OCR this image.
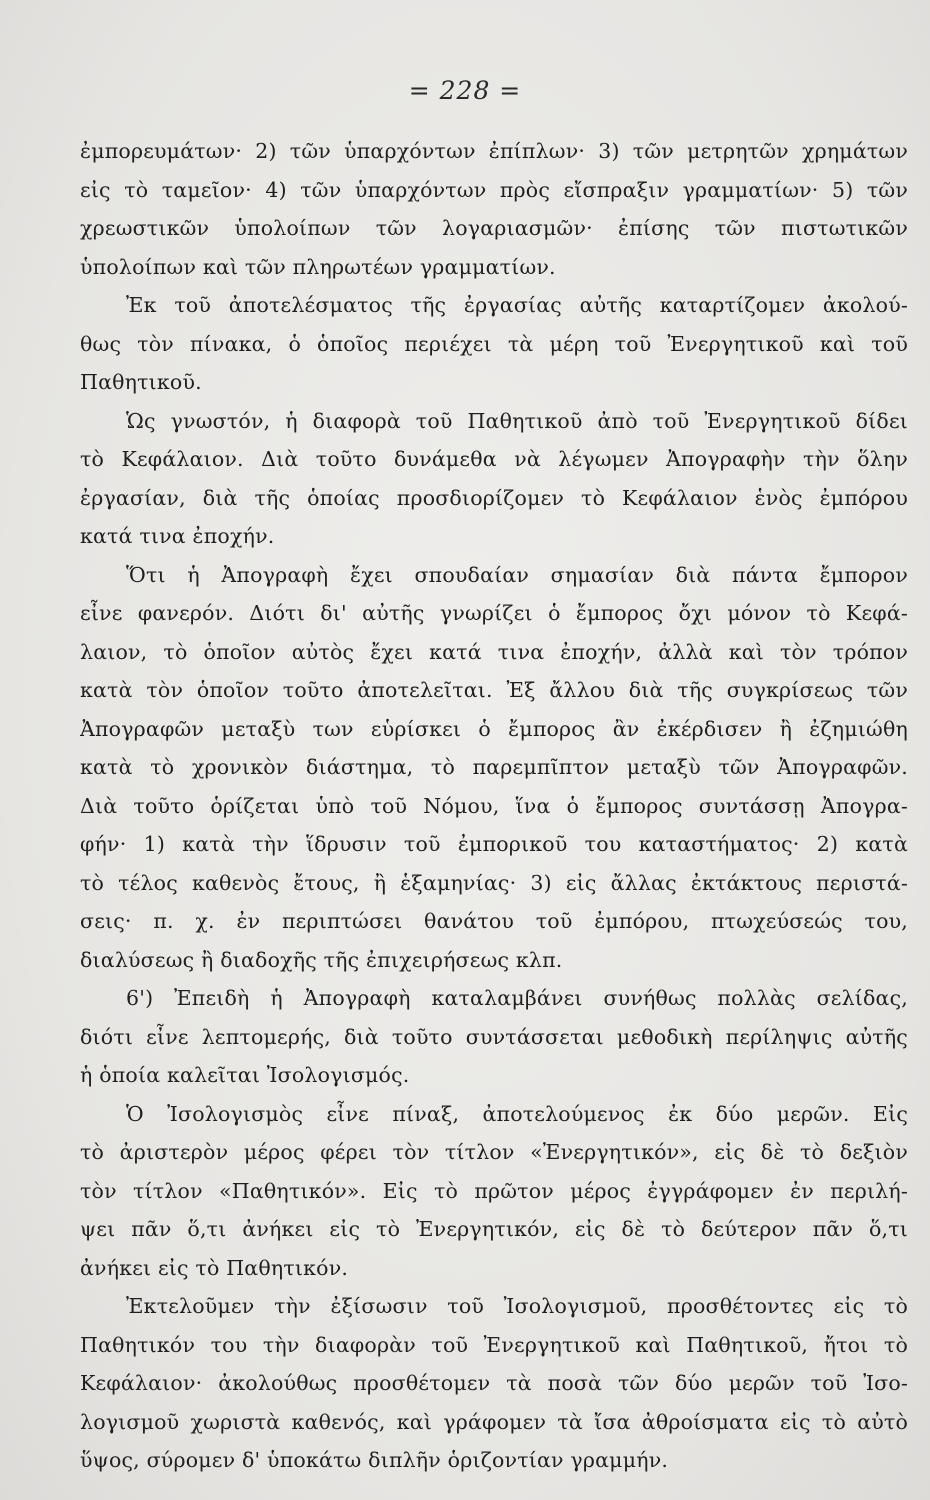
= 228 =
ἐμπορευμάτων· 2) τῶν ὑπαρχόντων ἐπίπλων· 3) τῶν μετρητῶν χρημάτων
εἰς τὸ ταμεῖον· 4) τῶν ὑπαρχόντων πρὸς εἴσπραξιν γραμματίων· 5) τῶν
χρεωστικῶν ὑπολοίπων τῶν λογαριασμῶν· ἐπίσης τῶν πιστωτικῶν
ὑπολοίπων καὶ τῶν πληρωτέων γραμματίων.
Ἐκ τοῦ ἀποτελέσματος τῆς ἐργασίας αὐτῆς καταρτίζομεν ἀκολού-
θως τὸν πίνακα, ὁ ὁποῖος περιέχει τὰ μέρη τοῦ Ἐνεργητικοῦ καὶ τοῦ
Παθητικοῦ.
Ὡς γνωστόν, ἡ διαφορὰ τοῦ Παθητικοῦ ἀπὸ τοῦ Ἐνεργητικοῦ δίδει
τὸ Κεφάλαιον. Διὰ τοῦτο δυνάμεθα νὰ λέγωμεν Ἀπογραφὴν τὴν ὅλην
ἐργασίαν, διὰ τῆς ὁποίας προσδιορίζομεν τὸ Κεφάλαιον ἑνὸς ἐμπόρου
κατά τινα ἐποχήν.
Ὅτι ἡ Ἀπογραφὴ ἔχει σπουδαίαν σημασίαν διὰ πάντα ἔμπορον
εἶνε φανερόν. Διότι δι' αὐτῆς γνωρίζει ὁ ἔμπορος ὄχι μόνον τὸ Κεφά-
λαιον, τὸ ὁποῖον αὐτὸς ἔχει κατά τινα ἐποχήν, ἀλλὰ καὶ τὸν τρόπον
κατὰ τὸν ὁποῖον τοῦτο ἀποτελεῖται. Ἐξ ἄλλου διὰ τῆς συγκρίσεως τῶν
Ἀπογραφῶν μεταξὺ των εὑρίσκει ὁ ἔμπορος ἂν ἐκέρδισεν ἢ ἐζημιώθη
κατὰ τὸ χρονικὸν διάστημα, τὸ παρεμπῖπτον μεταξὺ τῶν Ἀπογραφῶν.
Διὰ τοῦτο ὁρίζεται ὑπὸ τοῦ Νόμου, ἵνα ὁ ἔμπορος συντάσσῃ Ἀπογρα-
φήν· 1) κατὰ τὴν ἵδρυσιν τοῦ ἐμπορικοῦ του καταστήματος· 2) κατὰ
τὸ τέλος καθενὸς ἔτους, ἢ ἑξαμηνίας· 3) εἰς ἄλλας ἐκτάκτους περιστά-
σεις· π. χ. ἐν περιπτώσει θανάτου τοῦ ἐμπόρου, πτωχεύσεώς του,
διαλύσεως ἢ διαδοχῆς τῆς ἐπιχειρήσεως κλπ.
6') Ἐπειδὴ ἡ Ἀπογραφὴ καταλαμβάνει συνήθως πολλὰς σελίδας,
διότι εἶνε λεπτομερής, διὰ τοῦτο συντάσσεται μεθοδικὴ περίληψις αὐτῆς
ἡ ὁποία καλεῖται Ἰσολογισμός.
Ὁ Ἰσολογισμὸς εἶνε πίναξ, ἀποτελούμενος ἐκ δύο μερῶν. Εἰς
τὸ ἀριστερὸν μέρος φέρει τὸν τίτλον «Ἐνεργητικόν», εἰς δὲ τὸ δεξιὸν
τὸν τίτλον «Παθητικόν». Εἰς τὸ πρῶτον μέρος ἐγγράφομεν ἐν περιλή-
ψει πᾶν ὅ,τι ἀνήκει εἰς τὸ Ἐνεργητικόν, εἰς δὲ τὸ δεύτερον πᾶν ὅ,τι
ἀνήκει εἰς τὸ Παθητικόν.
Ἐκτελοῦμεν τὴν ἐξίσωσιν τοῦ Ἰσολογισμοῦ, προσθέτοντες εἰς τὸ
Παθητικόν του τὴν διαφορὰν τοῦ Ἐνεργητικοῦ καὶ Παθητικοῦ, ἤτοι τὸ
Κεφάλαιον· ἀκολούθως προσθέτομεν τὰ ποσὰ τῶν δύο μερῶν τοῦ Ἰσο-
λογισμοῦ χωριστὰ καθενός, καὶ γράφομεν τὰ ἴσα ἀθροίσματα εἰς τὸ αὐτὸ
ὕψος, σύρομεν δ' ὑποκάτω διπλῆν ὁριζοντίαν γραμμήν.
